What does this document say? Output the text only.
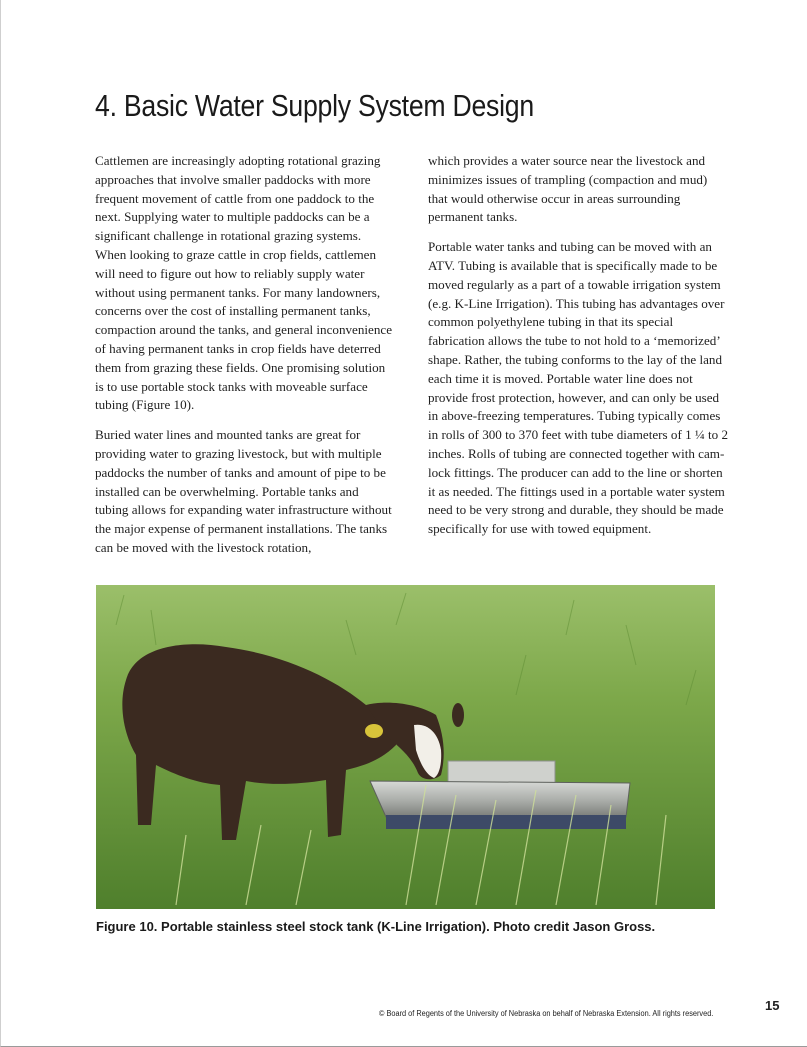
4. Basic Water Supply System Design

Cattlemen are increasingly adopting rotational grazing approaches that involve smaller paddocks with more frequent movement of cattle from one paddock to the next. Supplying water to multiple paddocks can be a significant challenge in rotational grazing systems. When looking to graze cattle in crop fields, cattlemen will need to figure out how to reliably supply water without using permanent tanks. For many landowners, concerns over the cost of installing permanent tanks, compaction around the tanks, and general inconvenience of having permanent tanks in crop fields have deterred them from grazing these fields. One promising solution is to use portable stock tanks with moveable surface tubing (Figure 10).

Buried water lines and mounted tanks are great for providing water to grazing livestock, but with multiple paddocks the number of tanks and amount of pipe to be installed can be overwhelming. Portable tanks and tubing allows for expanding water infrastructure without the major expense of permanent installations. The tanks can be moved with the livestock rotation,

which provides a water source near the livestock and minimizes issues of trampling (compaction and mud) that would otherwise occur in areas surrounding permanent tanks.

Portable water tanks and tubing can be moved with an ATV. Tubing is available that is specifically made to be moved regularly as a part of a towable irrigation system (e.g. K-Line Irrigation). This tubing has advantages over common polyethylene tubing in that its special fabrication allows the tube to not hold to a ‘memorized’ shape. Rather, the tubing conforms to the lay of the land each time it is moved. Portable water line does not provide frost protection, however, and can only be used in above-freezing temperatures. Tubing typically comes in rolls of 300 to 370 feet with tube diameters of 1 ¼ to 2 inches. Rolls of tubing are connected together with cam-lock fittings. The producer can add to the line or shorten it as needed. The fittings used in a portable water system need to be very strong and durable, they should be made specifically for use with towed equipment.

Figure 10. Portable stainless steel stock tank (K-Line Irrigation). Photo credit Jason Gross.

© Board of Regents of the University of Nebraska on behalf of Nebraska Extension. All rights reserved.
15
